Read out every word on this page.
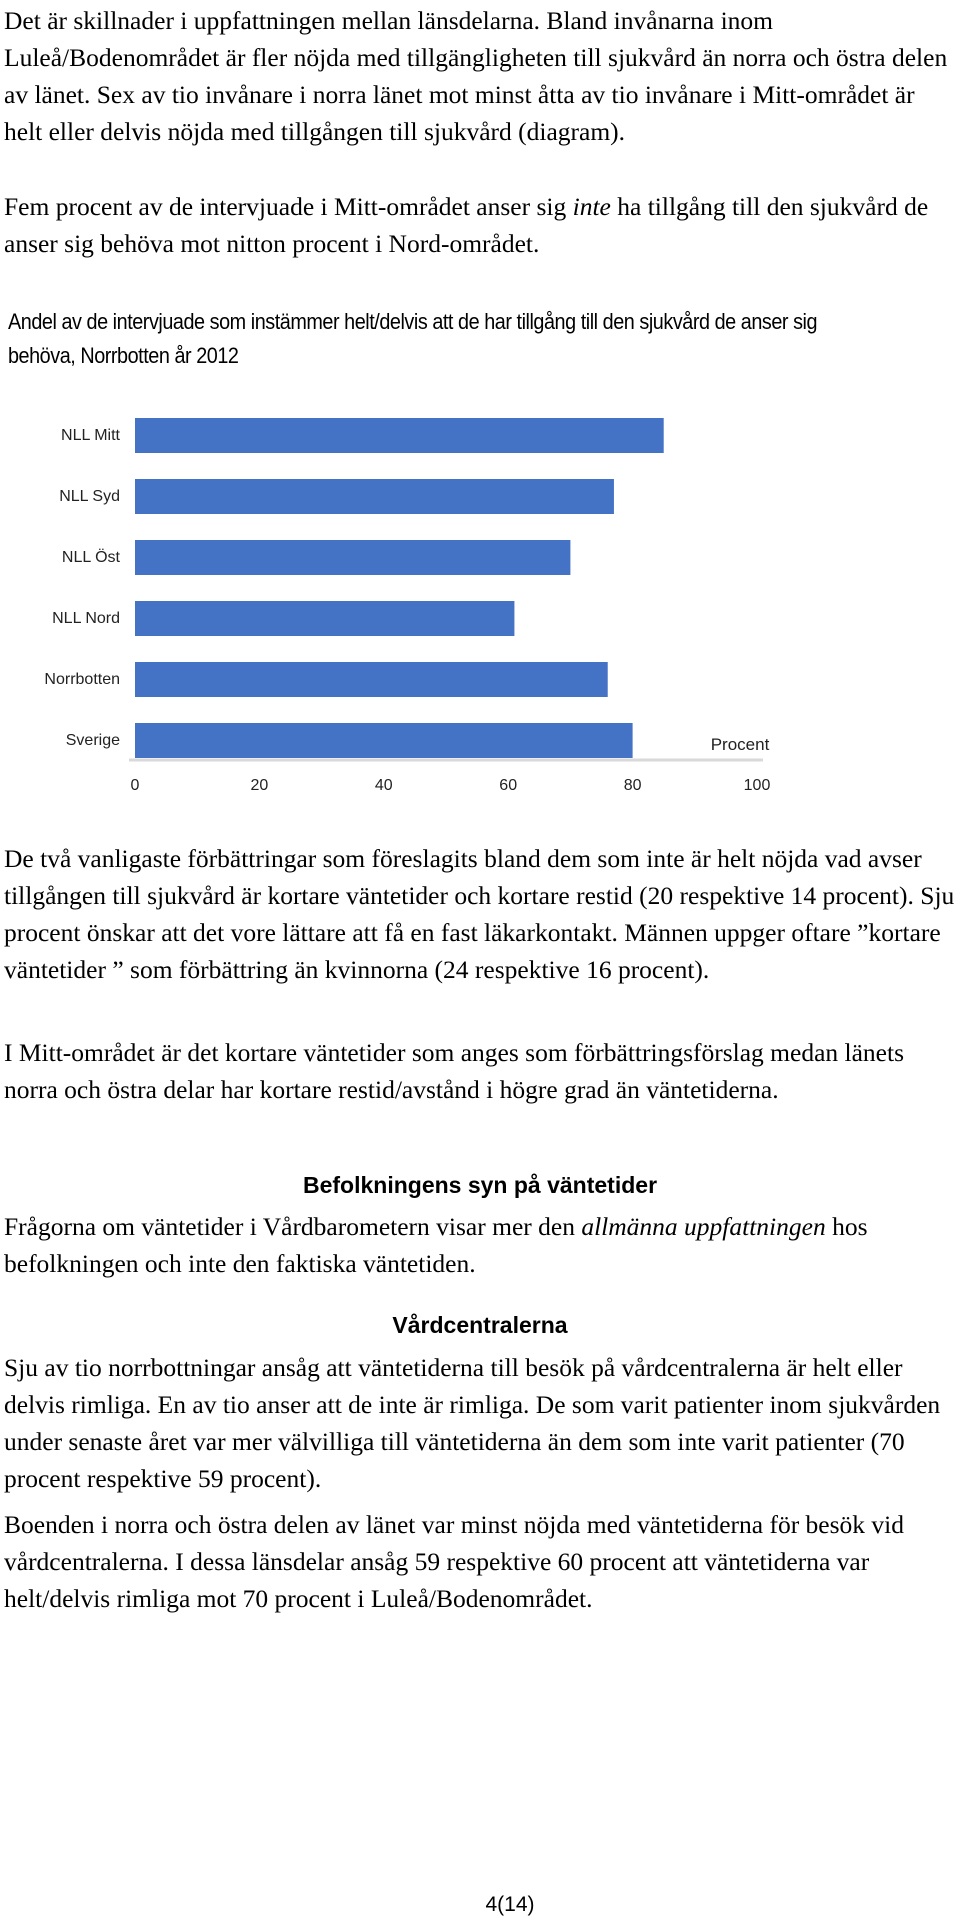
Det är skillnader i uppfattningen mellan länsdelarna. Bland invånarna inom Luleå/Bodenområdet är fler nöjda med tillgängligheten till sjukvård än norra och östra delen av länet. Sex av tio invånare i norra länet mot minst åtta av tio invånare i Mitt-området är helt eller delvis nöjda med tillgången till sjukvård (diagram).

Fem procent av de intervjuade i Mitt-området anser sig inte ha tillgång till den sjukvård de anser sig behöva mot nitton procent i Nord-området.

Andel av de intervjuade som instämmer helt/delvis att de har tillgång till den sjukvård de anser sig behöva, Norrbotten år 2012

NLL Mitt
NLL Syd
NLL Öst
NLL Nord
Norrbotten
Sverige
0	20	40	60	80	100
Procent

De två vanligaste förbättringar som föreslagits bland dem som inte är helt nöjda vad avser tillgången till sjukvård är kortare väntetider och kortare restid (20 respektive 14 procent). Sju procent önskar att det vore lättare att få en fast läkarkontakt. Männen uppger oftare ”kortare väntetider ” som förbättring än kvinnorna (24 respektive 16 procent).

I Mitt-området är det kortare väntetider som anges som förbättringsförslag medan länets norra och östra delar har kortare restid/avstånd i högre grad än väntetiderna.

Befolkningens syn på väntetider

Frågorna om väntetider i Vårdbarometern visar mer den allmänna uppfattningen hos befolkningen och inte den faktiska väntetiden.

Vårdcentralerna

Sju av tio norrbottningar ansåg att väntetiderna till besök på vårdcentralerna är helt eller delvis rimliga. En av tio anser att de inte är rimliga. De som varit patienter inom sjukvården under senaste året var mer välvilliga till väntetiderna än dem som inte varit patienter (70 procent respektive 59 procent).

Boenden i norra och östra delen av länet var minst nöjda med väntetiderna för besök vid vårdcentralerna. I dessa länsdelar ansåg 59 respektive 60 procent att väntetiderna var helt/delvis rimliga mot 70 procent i Luleå/Bodenområdet.

4(14)
